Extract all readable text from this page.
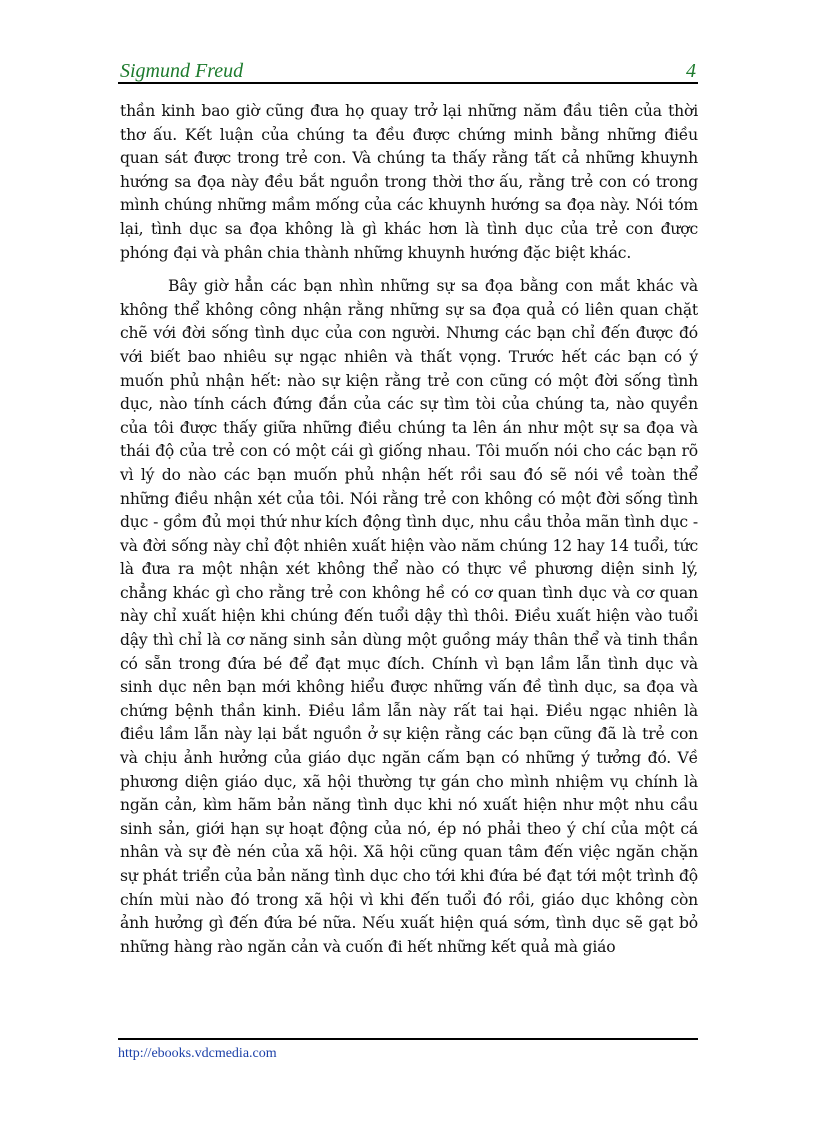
Sigmund Freud	4

thần kinh bao giờ cũng đưa họ quay trở lại những năm đầu tiên của thời thơ ấu. Kết luận của chúng ta đều được chứng minh bằng những điều quan sát được trong trẻ con. Và chúng ta thấy rằng tất cả những khuynh hướng sa đọa này đều bắt nguồn trong thời thơ ấu, rằng trẻ con có trong mình chúng những mầm mống của các khuynh hướng sa đọa này. Nói tóm lại, tình dục sa đọa không là gì khác hơn là tình dục của trẻ con được phóng đại và phân chia thành những khuynh hướng đặc biệt khác.

Bây giờ hẳn các bạn nhìn những sự sa đọa bằng con mắt khác và không thể không công nhận rằng những sự sa đọa quả có liên quan chặt chẽ với đời sống tình dục của con người. Nhưng các bạn chỉ đến được đó với biết bao nhiêu sự ngạc nhiên và thất vọng. Trước hết các bạn có ý muốn phủ nhận hết: nào sự kiện rằng trẻ con cũng có một đời sống tình dục, nào tính cách đứng đắn của các sự tìm tòi của chúng ta, nào quyền của tôi được thấy giữa những điều chúng ta lên án như một sự sa đọa và thái độ của trẻ con có một cái gì giống nhau. Tôi muốn nói cho các bạn rõ vì lý do nào các bạn muốn phủ nhận hết rồi sau đó sẽ nói về toàn thể những điều nhận xét của tôi. Nói rằng trẻ con không có một đời sống tình dục - gồm đủ mọi thứ như kích động tình dục, nhu cầu thỏa mãn tình dục - và đời sống này chỉ đột nhiên xuất hiện vào năm chúng 12 hay 14 tuổi, tức là đưa ra một nhận xét không thể nào có thực về phương diện sinh lý, chẳng khác gì cho rằng trẻ con không hề có cơ quan tình dục và cơ quan này chỉ xuất hiện khi chúng đến tuổi dậy thì thôi. Điều xuất hiện vào tuổi dậy thì chỉ là cơ năng sinh sản dùng một guồng máy thân thể và tinh thần có sẵn trong đứa bé để đạt mục đích. Chính vì bạn lầm lẫn tình dục và sinh dục nên bạn mới không hiểu được những vấn đề tình dục, sa đọa và chứng bệnh thần kinh. Điều lầm lẫn này rất tai hại. Điều ngạc nhiên là điều lầm lẫn này lại bắt nguồn ở sự kiện rằng các bạn cũng đã là trẻ con và chịu ảnh hưởng của giáo dục ngăn cấm bạn có những ý tưởng đó. Về phương diện giáo dục, xã hội thường tự gán cho mình nhiệm vụ chính là ngăn cản, kìm hãm bản năng tình dục khi nó xuất hiện như một nhu cầu sinh sản, giới hạn sự hoạt động của nó, ép nó phải theo ý chí của một cá nhân và sự đè nén của xã hội. Xã hội cũng quan tâm đến việc ngăn chặn sự phát triển của bản năng tình dục cho tới khi đứa bé đạt tới một trình độ chín mùi nào đó trong xã hội vì khi đến tuổi đó rồi, giáo dục không còn ảnh hưởng gì đến đứa bé nữa. Nếu xuất hiện quá sớm, tình dục sẽ gạt bỏ những hàng rào ngăn cản và cuốn đi hết những kết quả mà giáo

http://ebooks.vdcmedia.com
